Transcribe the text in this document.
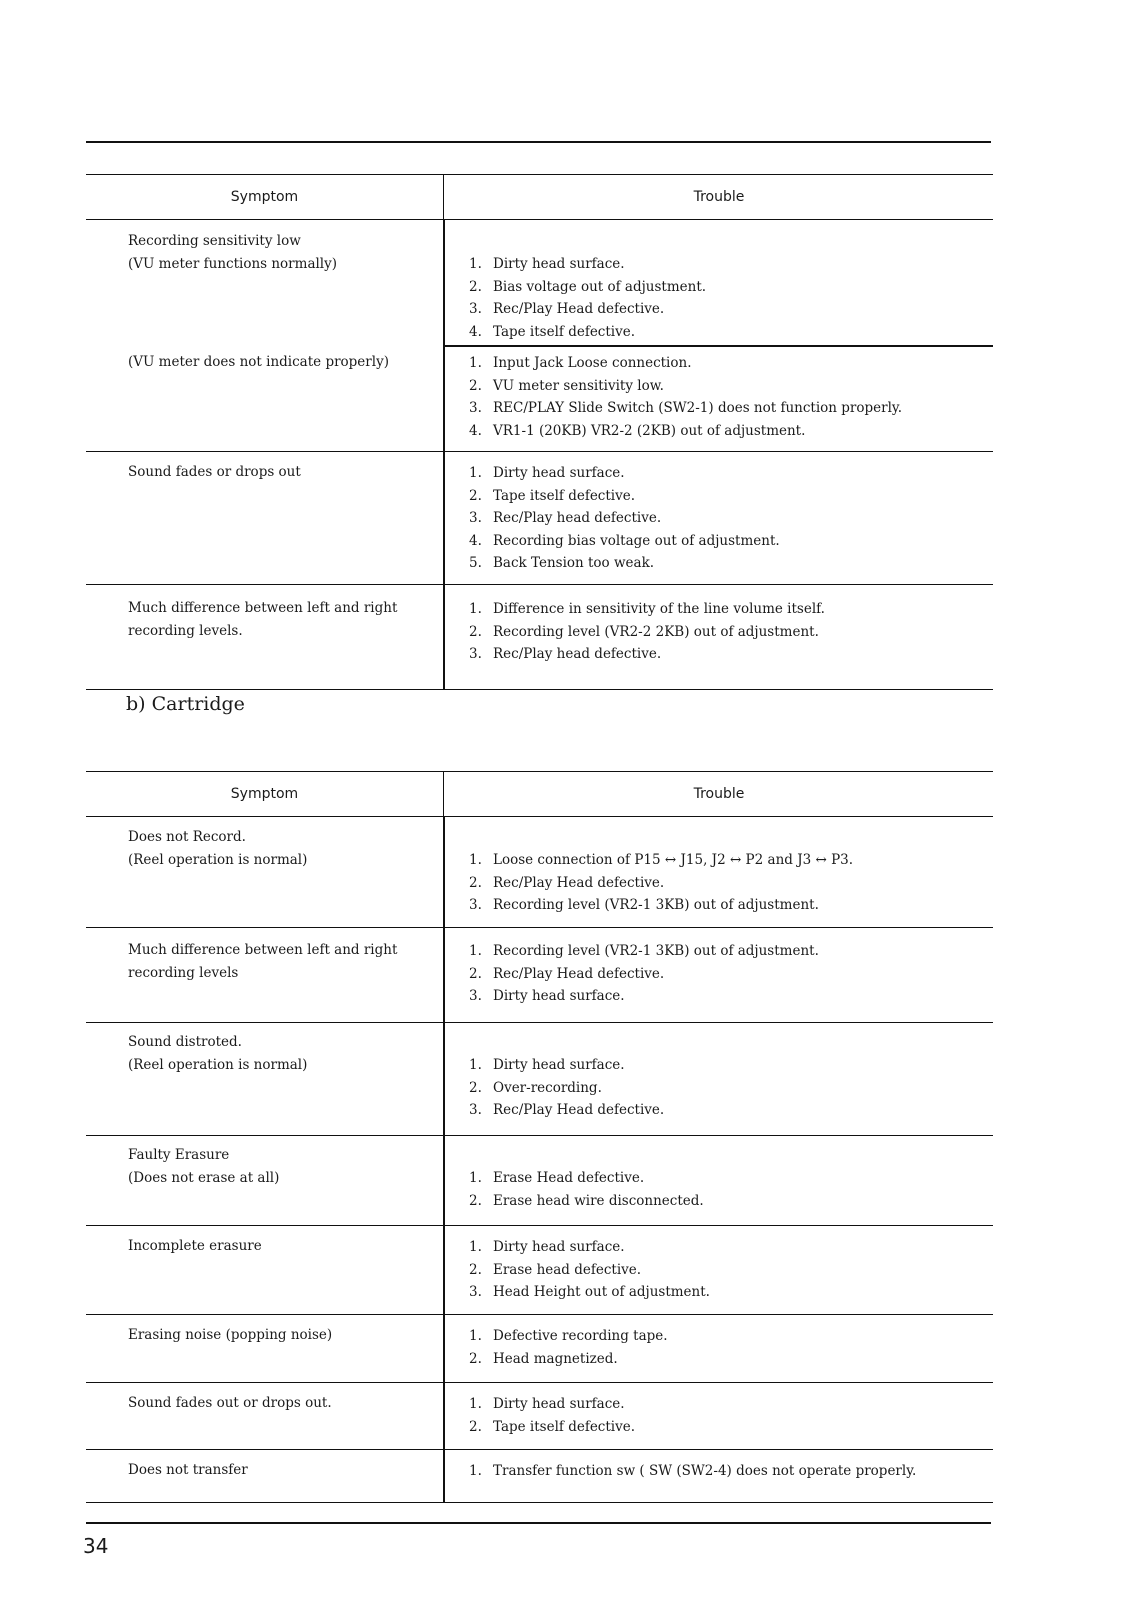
Symptom	Trouble
Recording sensitivity low
(VU meter functions normally)	1. Dirty head surface.
2. Bias voltage out of adjustment.
3. Rec/Play Head defective.
4. Tape itself defective.
(VU meter does not indicate properly)	1. Input Jack Loose connection.
2. VU meter sensitivity low.
3. REC/PLAY Slide Switch (SW2-1) does not function properly.
4. VR1-1 (20KB) VR2-2 (2KB) out of adjustment.
Sound fades or drops out	1. Dirty head surface.
2. Tape itself defective.
3. Rec/Play head defective.
4. Recording bias voltage out of adjustment.
5. Back Tension too weak.
Much difference between left and right
recording levels.
1. Difference in sensitivity of the line volume itself.
2. Recording level (VR2-2 2KB) out of adjustment.
3. Rec/Play head defective.
b) Cartridge
Symptom	Trouble
Does not Record.
(Reel operation is normal)	1. Loose connection of P15 ↔ J15, J2 ↔ P2 and J3 ↔ P3.
2. Rec/Play Head defective.
3. Recording level (VR2-1 3KB) out of adjustment.
Much difference between left and right
recording levels
1. Recording level (VR2-1 3KB) out of adjustment.
2. Rec/Play Head defective.
3. Dirty head surface.
Sound distroted.
(Reel operation is normal)	1. Dirty head surface.
2. Over-recording.
3. Rec/Play Head defective.
Faulty Erasure
(Does not erase at all)	1. Erase Head defective.
2. Erase head wire disconnected.
Incomplete erasure	1. Dirty head surface.
2. Erase head defective.
3. Head Height out of adjustment.
Erasing noise (popping noise)	1. Defective recording tape.
2. Head magnetized.
Sound fades out or drops out.	1. Dirty head surface.
2. Tape itself defective.
Does not transfer	1. Transfer function sw ( SW (SW2-4) does not operate properly.
34
